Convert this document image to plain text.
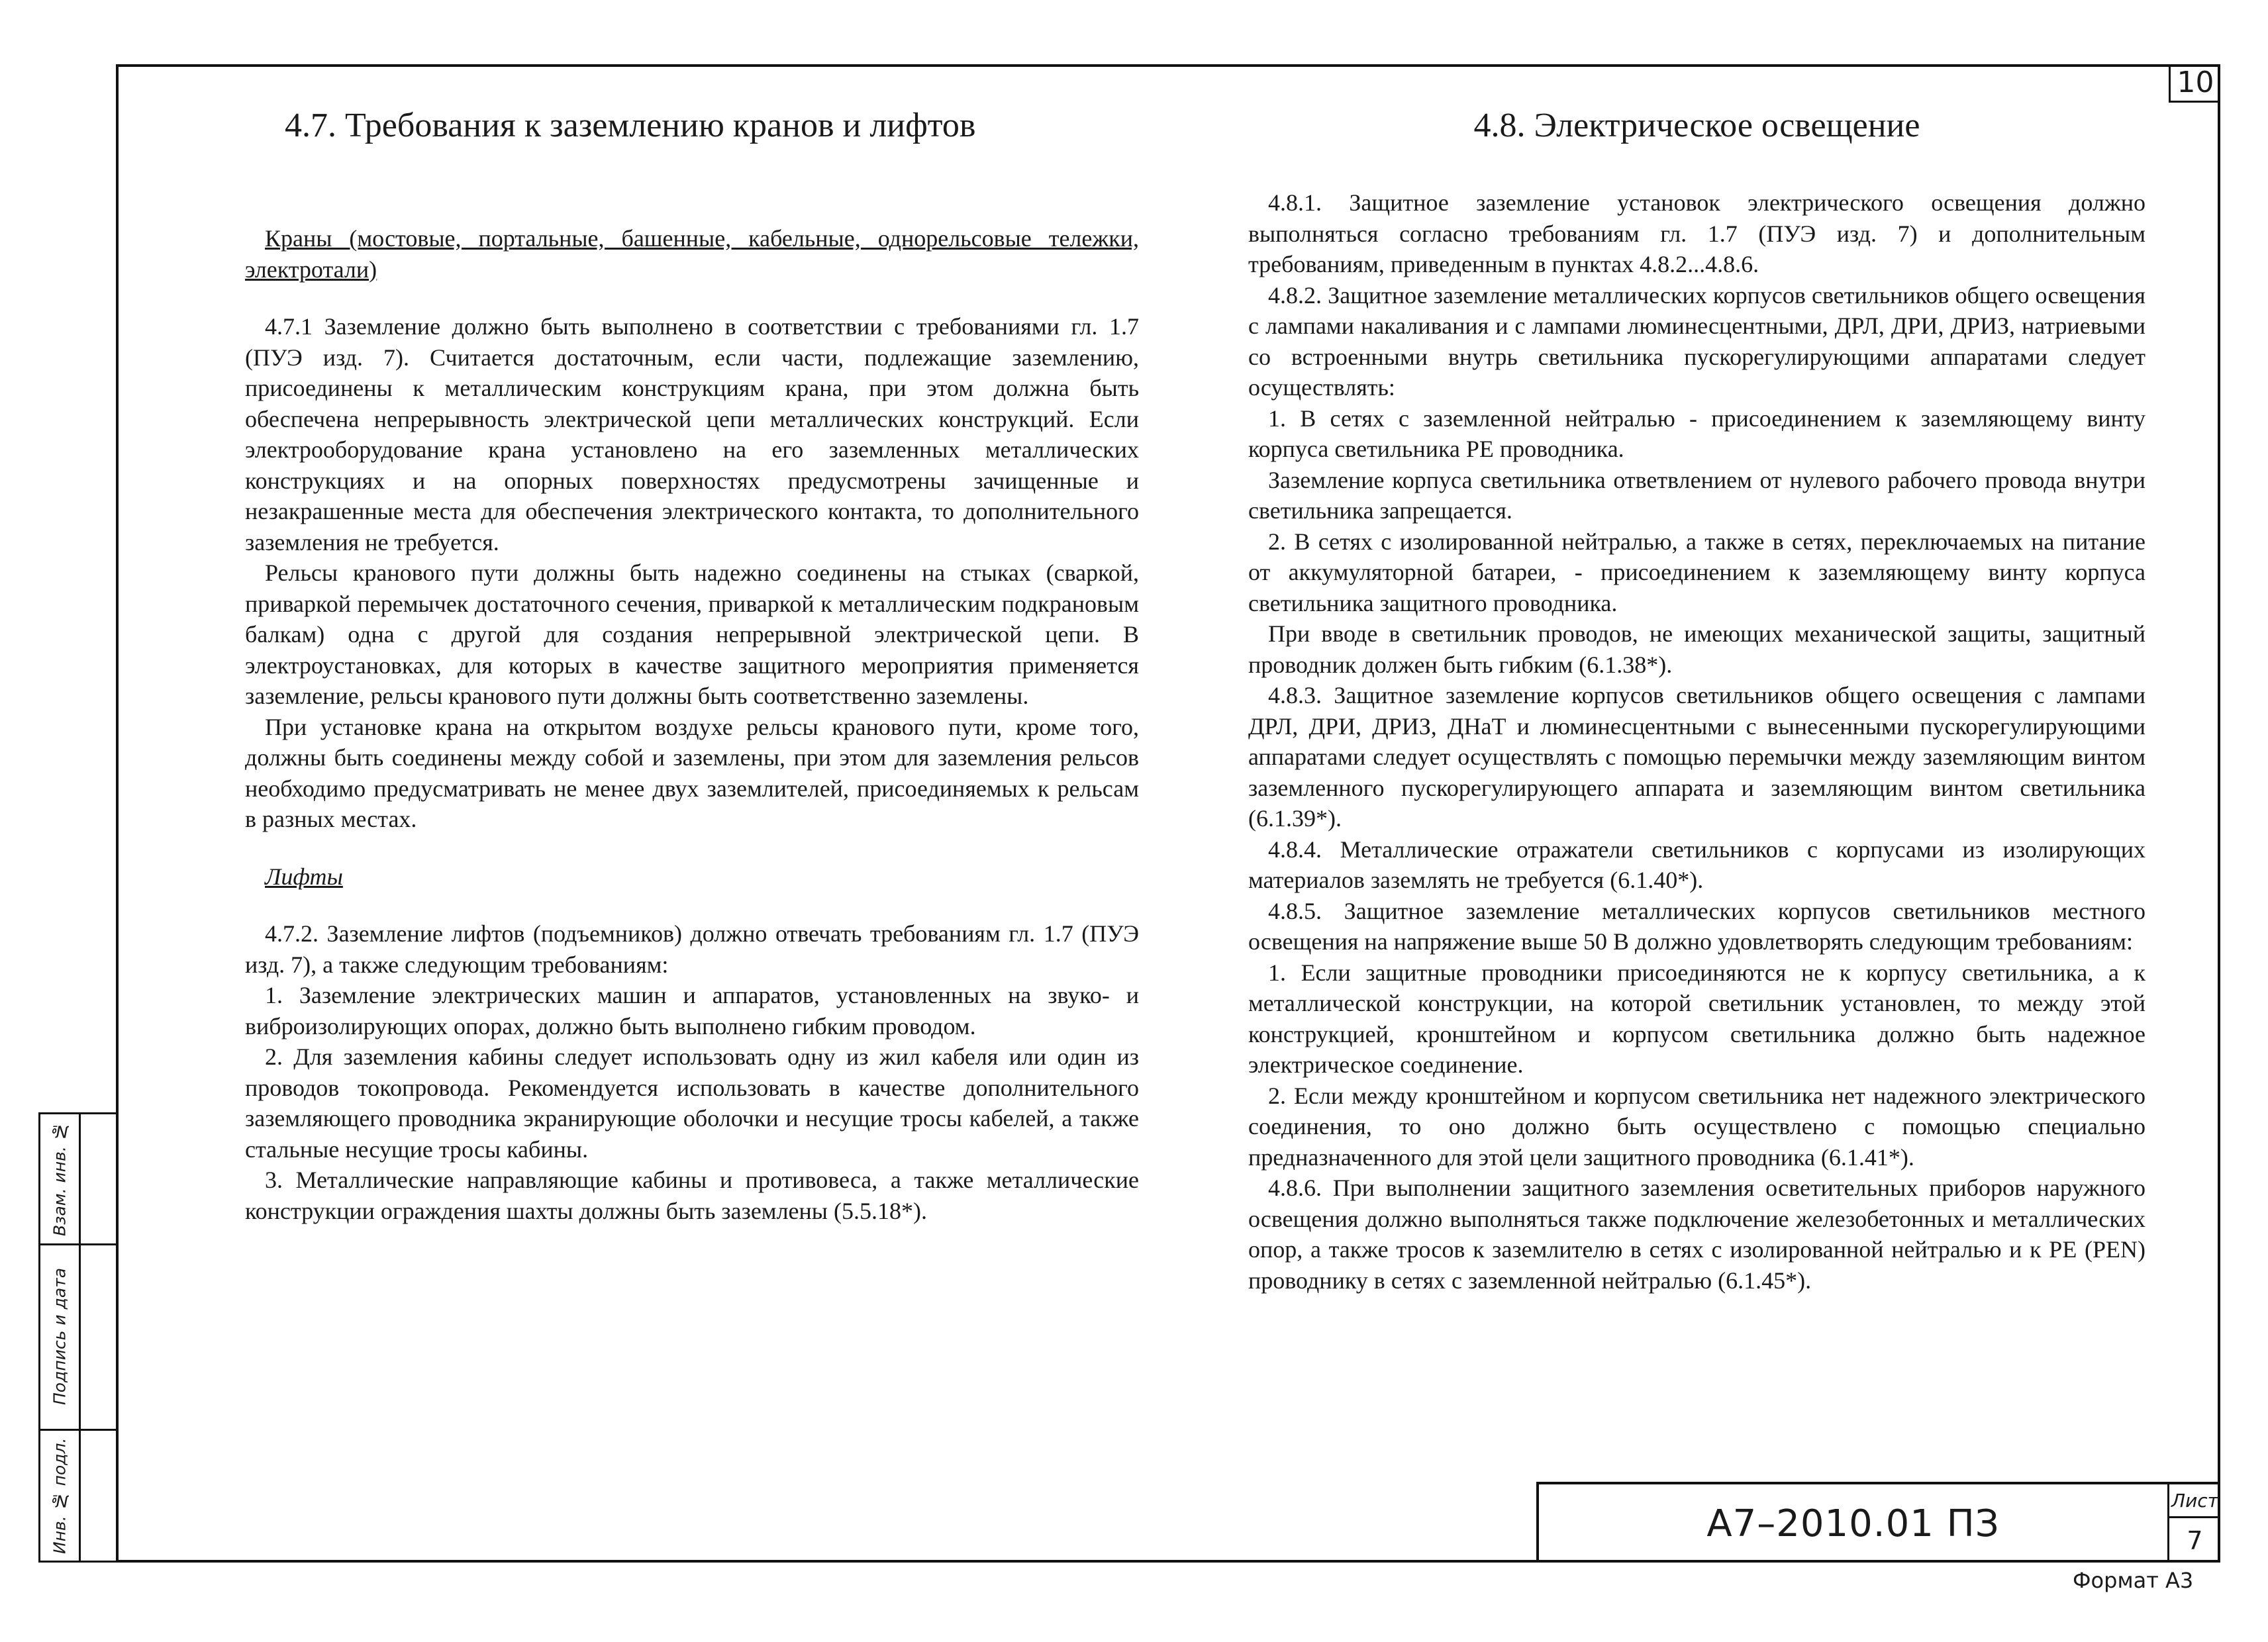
10
Взам. инв. №
Подпись и дата
Инв. № подл.
4.7. Требования к заземлению кранов и лифтов

Краны (мостовые, портальные, башенные, кабельные, однорельсовые тележки, электротали)

4.7.1 Заземление должно быть выполнено в соответствии с требованиями гл. 1.7 (ПУЭ изд. 7). Считается достаточным, если части, подлежащие заземлению, присоединены к металлическим конструкциям крана, при этом должна быть обеспечена непрерывность электрической цепи металлических конструкций. Если электрооборудование крана установлено на его заземленных металлических конструкциях и на опорных поверхностях предусмотрены зачищенные и незакрашенные места для обеспечения электрического контакта, то дополнительного заземления не требуется.

Рельсы кранового пути должны быть надежно соединены на стыках (сваркой, приваркой перемычек достаточного сечения, приваркой к металлическим подкрановым балкам) одна с другой для создания непрерывной электрической цепи. В электроустановках, для которых в качестве защитного мероприятия применяется заземление, рельсы кранового пути должны быть соответственно заземлены.

При установке крана на открытом воздухе рельсы кранового пути, кроме того, должны быть соединены между собой и заземлены, при этом для заземления рельсов необходимо предусматривать не менее двух заземлителей, присоединяемых к рельсам в разных местах.

Лифты

4.7.2. Заземление лифтов (подъемников) должно отвечать требованиям гл. 1.7 (ПУЭ изд. 7), а также следующим требованиям:

1. Заземление электрических машин и аппаратов, установленных на звуко- и виброизолирующих опорах, должно быть выполнено гибким проводом.

2. Для заземления кабины следует использовать одну из жил кабеля или один из проводов токопровода. Рекомендуется использовать в качестве дополнительного заземляющего проводника экранирующие оболочки и несущие тросы кабелей, а также стальные несущие тросы кабины.

3. Металлические направляющие кабины и противовеса, а также металлические конструкции ограждения шахты должны быть заземлены (5.5.18*).

4.8. Электрическое освещение

4.8.1. Защитное заземление установок электрического освещения должно выполняться согласно требованиям гл. 1.7 (ПУЭ изд. 7) и дополнительным требованиям, приведенным в пунктах 4.8.2...4.8.6.

4.8.2. Защитное заземление металлических корпусов светильников общего освещения с лампами накаливания и с лампами люминесцентными, ДРЛ, ДРИ, ДРИЗ, натриевыми со встроенными внутрь светильника пускорегулирующими аппаратами следует осуществлять:

1. В сетях с заземленной нейтралью - присоединением к заземляющему винту корпуса светильника PE проводника.

Заземление корпуса светильника ответвлением от нулевого рабочего провода внутри светильника запрещается.

2. В сетях с изолированной нейтралью, а также в сетях, переключаемых на питание от аккумуляторной батареи, - присоединением к заземляющему винту корпуса светильника защитного проводника.

При вводе в светильник проводов, не имеющих механической защиты, защитный проводник должен быть гибким (6.1.38*).

4.8.3. Защитное заземление корпусов светильников общего освещения с лампами ДРЛ, ДРИ, ДРИЗ, ДНаТ и люминесцентными с вынесенными пускорегулирующими аппаратами следует осуществлять с помощью перемычки между заземляющим винтом заземленного пускорегулирующего аппарата и заземляющим винтом светильника (6.1.39*).

4.8.4. Металлические отражатели светильников с корпусами из изолирующих материалов заземлять не требуется (6.1.40*).

4.8.5. Защитное заземление металлических корпусов светильников местного освещения на напряжение выше 50 В должно удовлетворять следующим требованиям:

1. Если защитные проводники присоединяются не к корпусу светильника, а к металлической конструкции, на которой светильник установлен, то между этой конструкцией, кронштейном и корпусом светильника должно быть надежное электрическое соединение.

2. Если между кронштейном и корпусом светильника нет надежного электрического соединения, то оно должно быть осуществлено с помощью специально предназначенного для этой цели защитного проводника (6.1.41*).

4.8.6. При выполнении защитного заземления осветительных приборов наружного освещения должно выполняться также подключение железобетонных и металлических опор, а также тросов к заземлителю в сетях с изолированной нейтралью и к PE (PEN) проводнику в сетях с заземленной нейтралью (6.1.45*).

А7–2010.01 ПЗ
Лист
7
Формат А3
